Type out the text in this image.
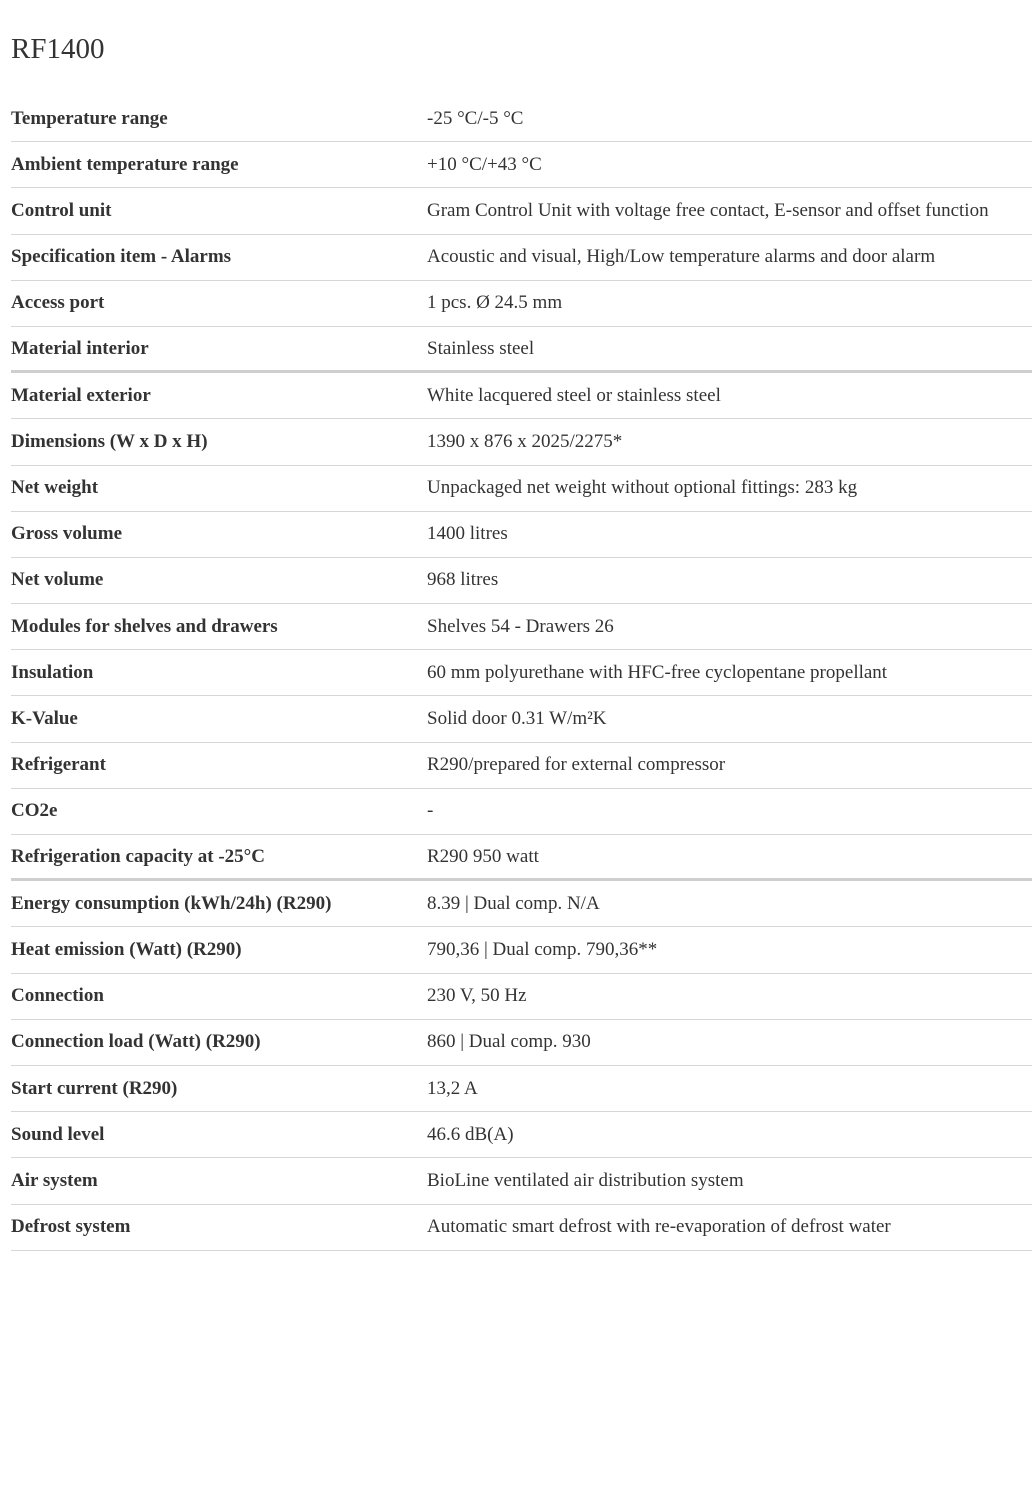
RF1400
Temperature range	-25 °C/-5 °C
Ambient temperature range	+10 °C/+43 °C
Control unit	Gram Control Unit with voltage free contact, E-sensor and offset function
Specification item - Alarms	Acoustic and visual, High/Low temperature alarms and door alarm
Access port	1 pcs. Ø 24.5 mm
Material interior	Stainless steel
Material exterior	White lacquered steel or stainless steel
Dimensions (W x D x H)	1390 x 876 x 2025/2275*
Net weight	Unpackaged net weight without optional fittings: 283 kg
Gross volume	1400 litres
Net volume	968 litres
Modules for shelves and drawers	Shelves 54 - Drawers 26
Insulation	60 mm polyurethane with HFC-free cyclopentane propellant
K-Value	Solid door 0.31 W/m²K
Refrigerant	R290/prepared for external compressor
CO2e	-
Refrigeration capacity at -25°C	R290 950 watt
Energy consumption (kWh/24h) (R290)	8.39 | Dual comp. N/A
Heat emission (Watt) (R290)	790,36 | Dual comp. 790,36**
Connection	230 V, 50 Hz
Connection load (Watt) (R290)	860 | Dual comp. 930
Start current (R290)	13,2 A
Sound level	46.6 dB(A)
Air system	BioLine ventilated air distribution system
Defrost system	Automatic smart defrost with re-evaporation of defrost water
